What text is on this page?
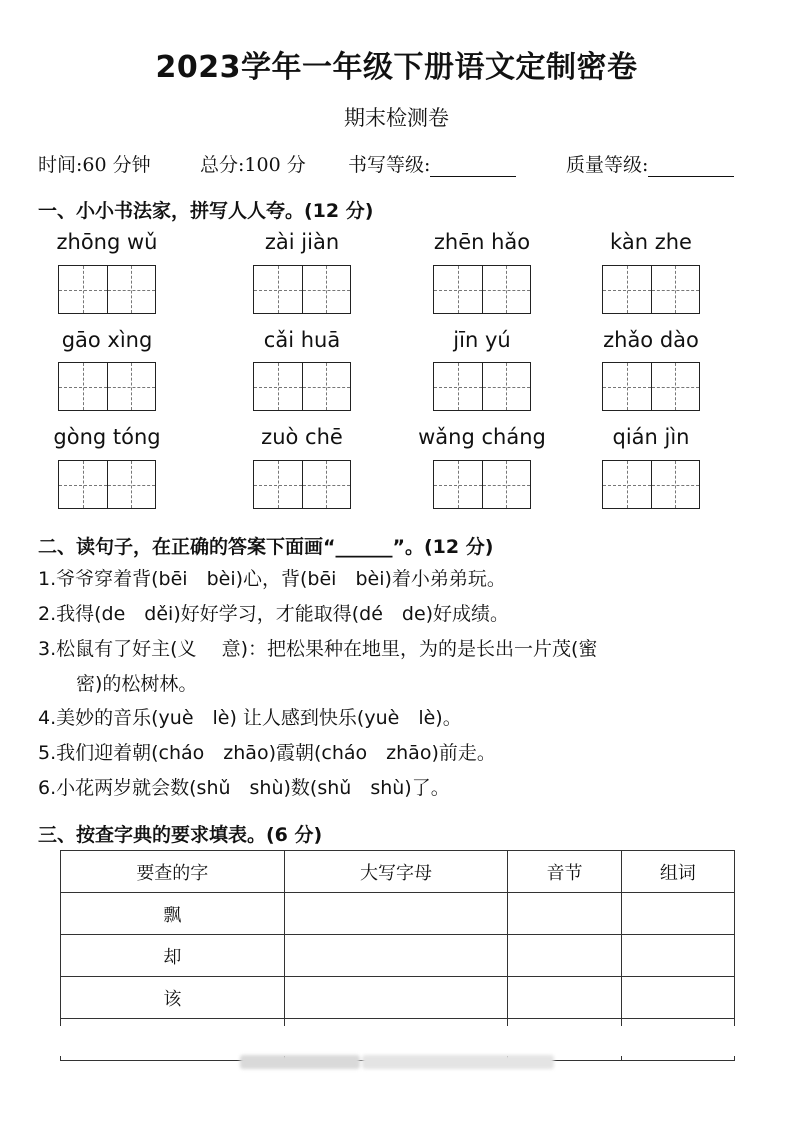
2023学年一年级下册语文定制密卷
期末检测卷
时间:60 分钟	总分:100 分 书写等级:	质量等级:
一、小小书法家，拼写人人夸。(12 分)
zhōng wǔ	zài jiàn	zhēn hǎo	kàn zhe
gāo xìng	cǎi huā	jīn yú	zhǎo dào
gòng tóng	zuò chē	wǎng cháng	qián jìn
二、读句子，在正确的答案下面画“______”。(12 分)
1.爷爷穿着背(bēi　bèi)心，背(bēi　bèi)着小弟弟玩。
2.我得(de　děi)好好学习，才能取得(dé　de)好成绩。
3.松鼠有了好主(义　 意)：把松果种在地里，为的是长出一片茂(蜜
密)的松树林。
4.美妙的音乐(yuè　lè) 让人感到快乐(yuè　lè)。
5.我们迎着朝(cháo　zhāo)霞朝(cháo　zhāo)前走。
6.小花两岁就会数(shǔ　shù)数(shǔ　shù)了。
三、按查字典的要求填表。(6 分)
要查的字	大写字母	音节	组词
飘			
却			
该			
